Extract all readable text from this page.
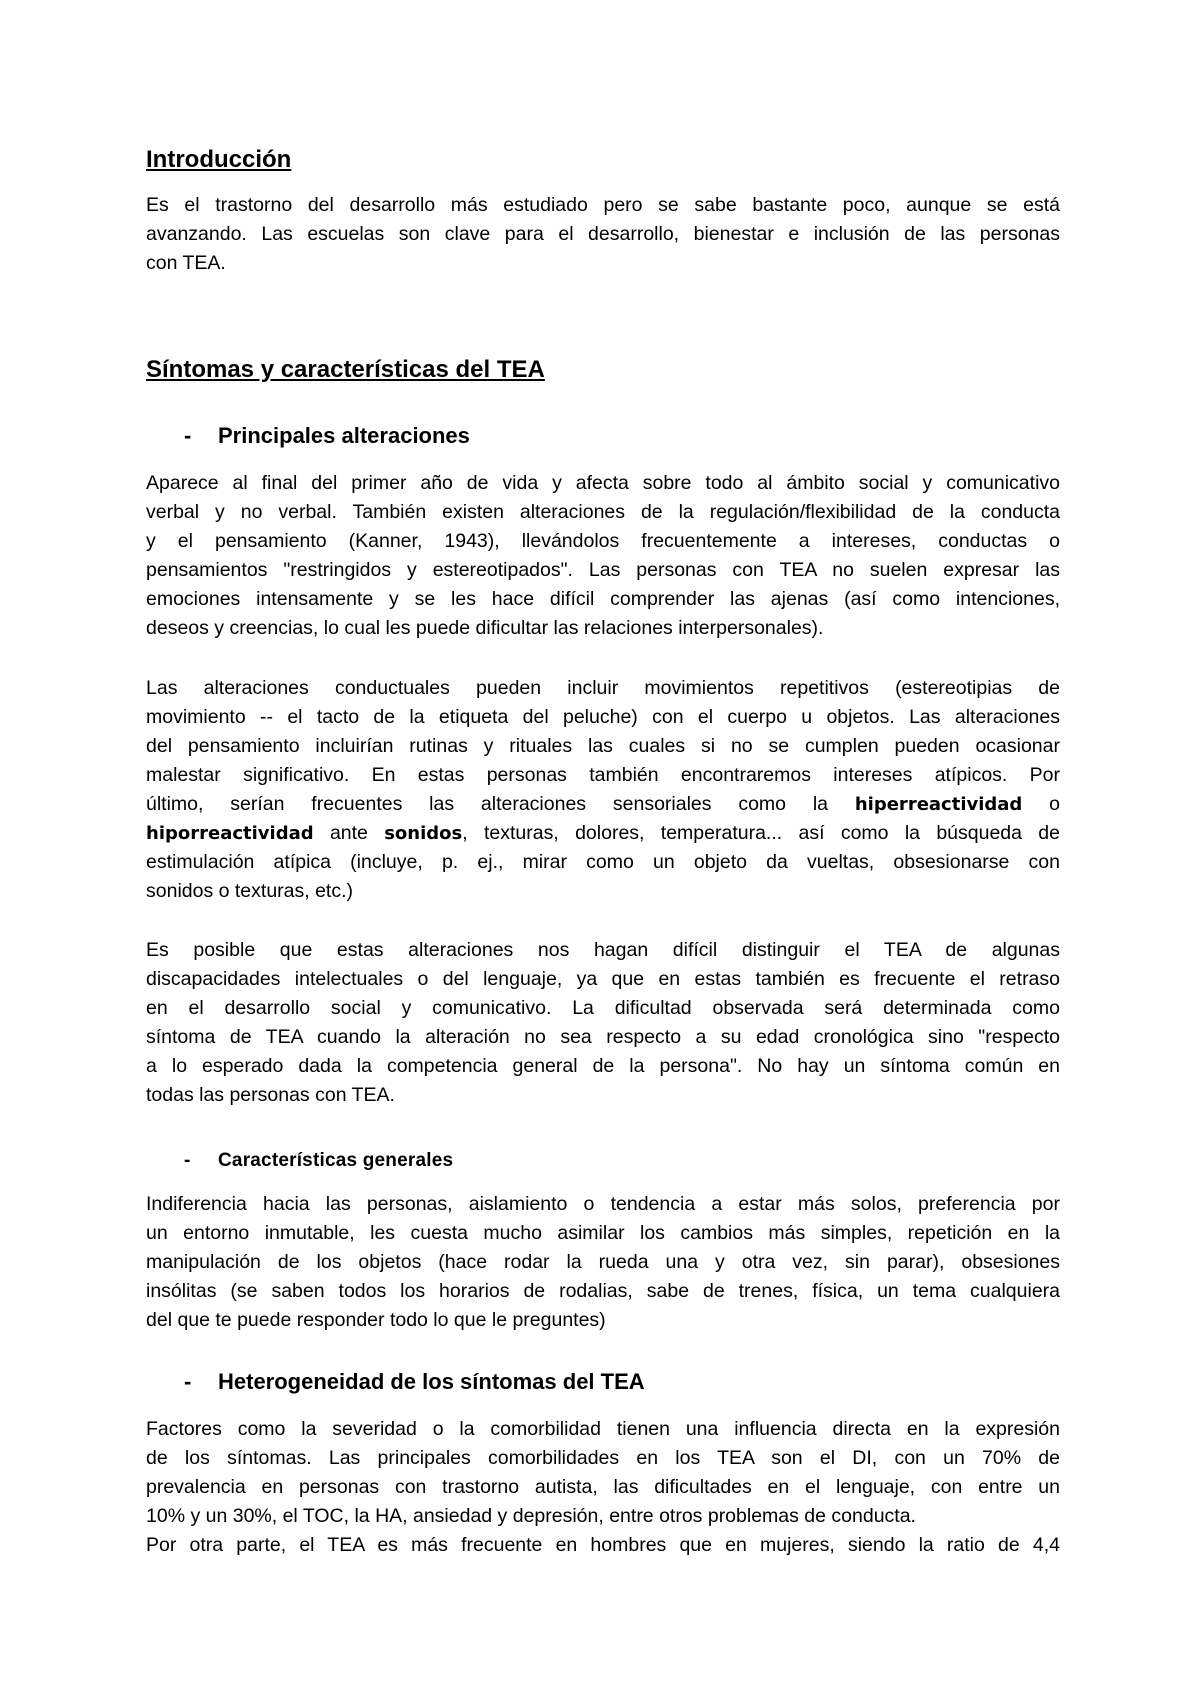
Introducción
Es el trastorno del desarrollo más estudiado pero se sabe bastante poco, aunque se está
avanzando. Las escuelas son clave para el desarrollo, bienestar e inclusión de las personas
con TEA.
Síntomas y características del TEA
- Principales alteraciones
Aparece al final del primer año de vida y afecta sobre todo al ámbito social y comunicativo
verbal y no verbal. También existen alteraciones de la regulación/flexibilidad de la conducta
y el pensamiento (Kanner, 1943), llevándolos frecuentemente a intereses, conductas o
pensamientos "restringidos y estereotipados". Las personas con TEA no suelen expresar las
emociones intensamente y se les hace difícil comprender las ajenas (así como intenciones,
deseos y creencias, lo cual les puede dificultar las relaciones interpersonales).
Las alteraciones conductuales pueden incluir movimientos repetitivos (estereotipias de
movimiento -- el tacto de la etiqueta del peluche) con el cuerpo u objetos. Las alteraciones
del pensamiento incluirían rutinas y rituales las cuales si no se cumplen pueden ocasionar
malestar significativo. En estas personas también encontraremos intereses atípicos. Por
último, serían frecuentes las alteraciones sensoriales como la hiperreactividad o
hiporreactividad ante sonidos, texturas, dolores, temperatura... así como la búsqueda de
estimulación atípica (incluye, p. ej., mirar como un objeto da vueltas, obsesionarse con
sonidos o texturas, etc.)
Es posible que estas alteraciones nos hagan difícil distinguir el TEA de algunas
discapacidades intelectuales o del lenguaje, ya que en estas también es frecuente el retraso
en el desarrollo social y comunicativo. La dificultad observada será determinada como
síntoma de TEA cuando la alteración no sea respecto a su edad cronológica sino "respecto
a lo esperado dada la competencia general de la persona". No hay un síntoma común en
todas las personas con TEA.
- Características generales
Indiferencia hacia las personas, aislamiento o tendencia a estar más solos, preferencia por
un entorno inmutable, les cuesta mucho asimilar los cambios más simples, repetición en la
manipulación de los objetos (hace rodar la rueda una y otra vez, sin parar), obsesiones
insólitas (se saben todos los horarios de rodalias, sabe de trenes, física, un tema cualquiera
del que te puede responder todo lo que le preguntes)
- Heterogeneidad de los síntomas del TEA
Factores como la severidad o la comorbilidad tienen una influencia directa en la expresión
de los síntomas. Las principales comorbilidades en los TEA son el DI, con un 70% de
prevalencia en personas con trastorno autista, las dificultades en el lenguaje, con entre un
10% y un 30%, el TOC, la HA, ansiedad y depresión, entre otros problemas de conducta.
Por otra parte, el TEA es más frecuente en hombres que en mujeres, siendo la ratio de 4,4
